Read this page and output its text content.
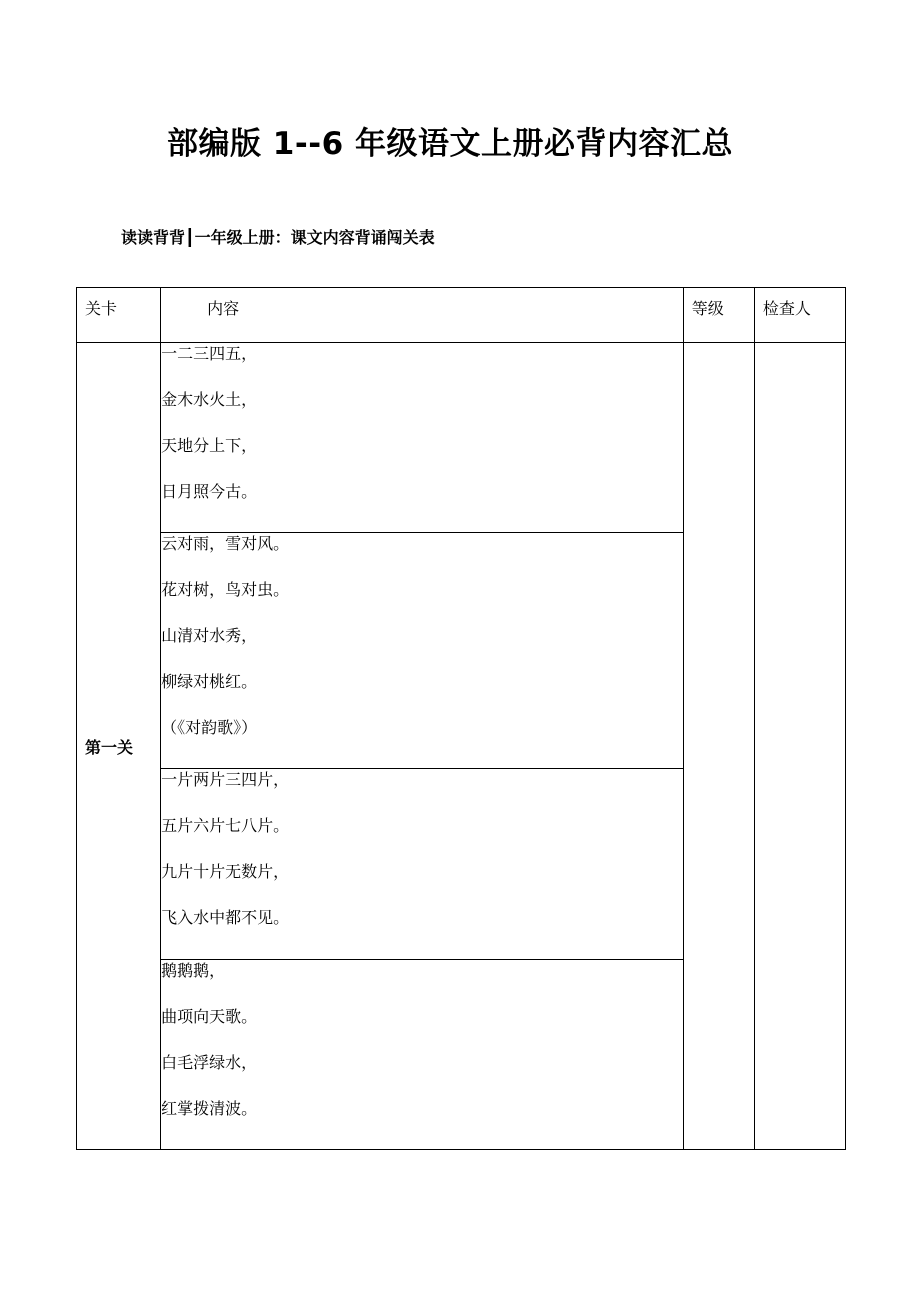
部编版 1--6 年级语文上册必背内容汇总

读读背背┃一年级上册：课文内容背诵闯关表

关卡	内容	等级	检查人

第一关	一二三四五，
金木水火土，
天地分上下，
日月照今古。		

	云对雨，雪对风。
花对树，鸟对虫。
山清对水秀，
柳绿对桃红。
（《对韵歌》）		

	一片两片三四片，
五片六片七八片。
九片十片无数片，
飞入水中都不见。		

	鹅鹅鹅，
曲项向天歌。
白毛浮绿水，
红掌拨清波。		
